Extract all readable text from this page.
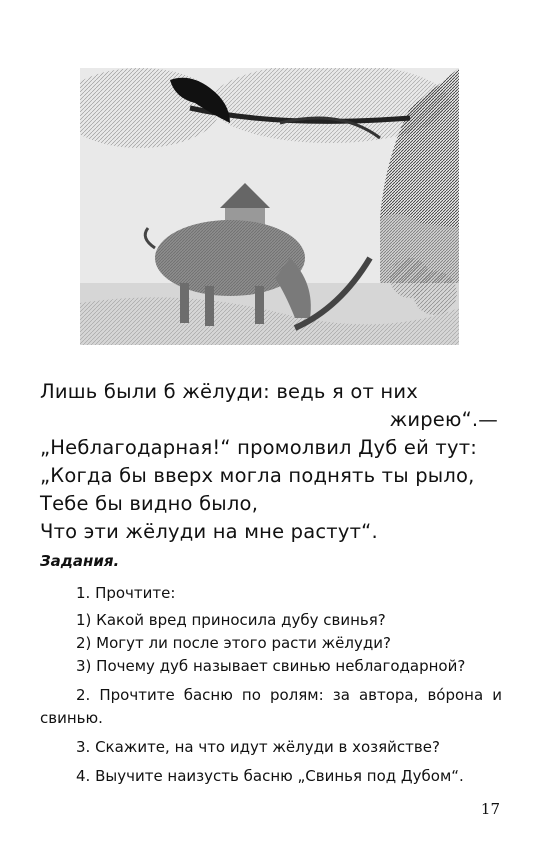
Лишь были б жёлуди: ведь я от них
жирею“.—
„Неблагодарная!“ промолвил Дуб ей тут:
„Когда бы вверх могла поднять ты рыло,
Тебе бы видно было,
Что эти жёлуди на мне растут“.
Задания.
1. Прочтите:
1) Какой вред приносила дубу свинья?
2) Могут ли после этого расти жёлуди?
3) Почему дуб называет свинью неблагодарной?
2. Прочтите басню по ролям: за автора, вóрона и свинью.
3. Скажите, на что идут жёлуди в хозяйстве?
4. Выучите наизусть басню „Свинья под Дубом“.
17
